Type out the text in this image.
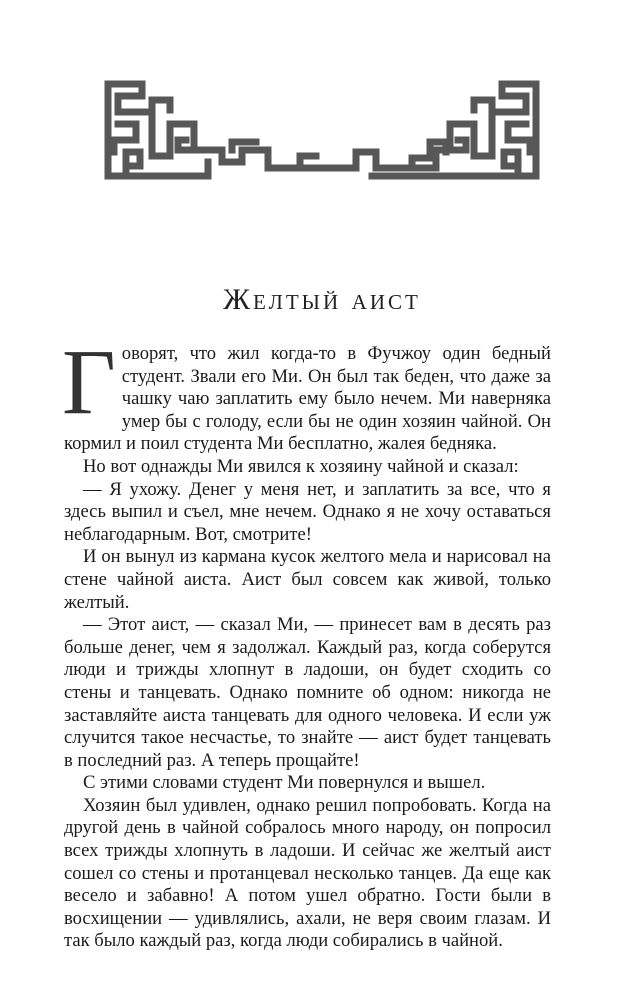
Желтый аист

Говорят, что жил когда-то в Фучжоу один бедный студент. Звали его Ми. Он был так беден, что даже за чашку чаю заплатить ему было нечем. Ми наверняка умер бы с голоду, если бы не один хозяин чайной. Он кормил и поил студента Ми бесплатно, жалея бедняка.

Но вот однажды Ми явился к хозяину чайной и сказал:

— Я ухожу. Денег у меня нет, и заплатить за все, что я здесь выпил и съел, мне нечем. Однако я не хочу оставаться неблагодарным. Вот, смотрите!

И он вынул из кармана кусок желтого мела и нарисовал на стене чайной аиста. Аист был совсем как живой, только желтый.

— Этот аист, — сказал Ми, — принесет вам в десять раз больше денег, чем я задолжал. Каждый раз, когда соберутся люди и трижды хлопнут в ладоши, он будет сходить со стены и танцевать. Однако помните об одном: никогда не заставляйте аиста танцевать для одного человека. И если уж случится такое несчастье, то знайте — аист будет танцевать в последний раз. А теперь прощайте!

С этими словами студент Ми повернулся и вышел.

Хозяин был удивлен, однако решил попробовать. Когда на другой день в чайной собралось много народу, он попросил всех трижды хлопнуть в ладоши. И сейчас же желтый аист сошел со стены и протанцевал несколько танцев. Да еще как весело и забавно! А потом ушел обратно. Гости были в восхищении — удивлялись, ахали, не веря своим глазам. И так было каждый раз, когда люди собирались в чайной.
